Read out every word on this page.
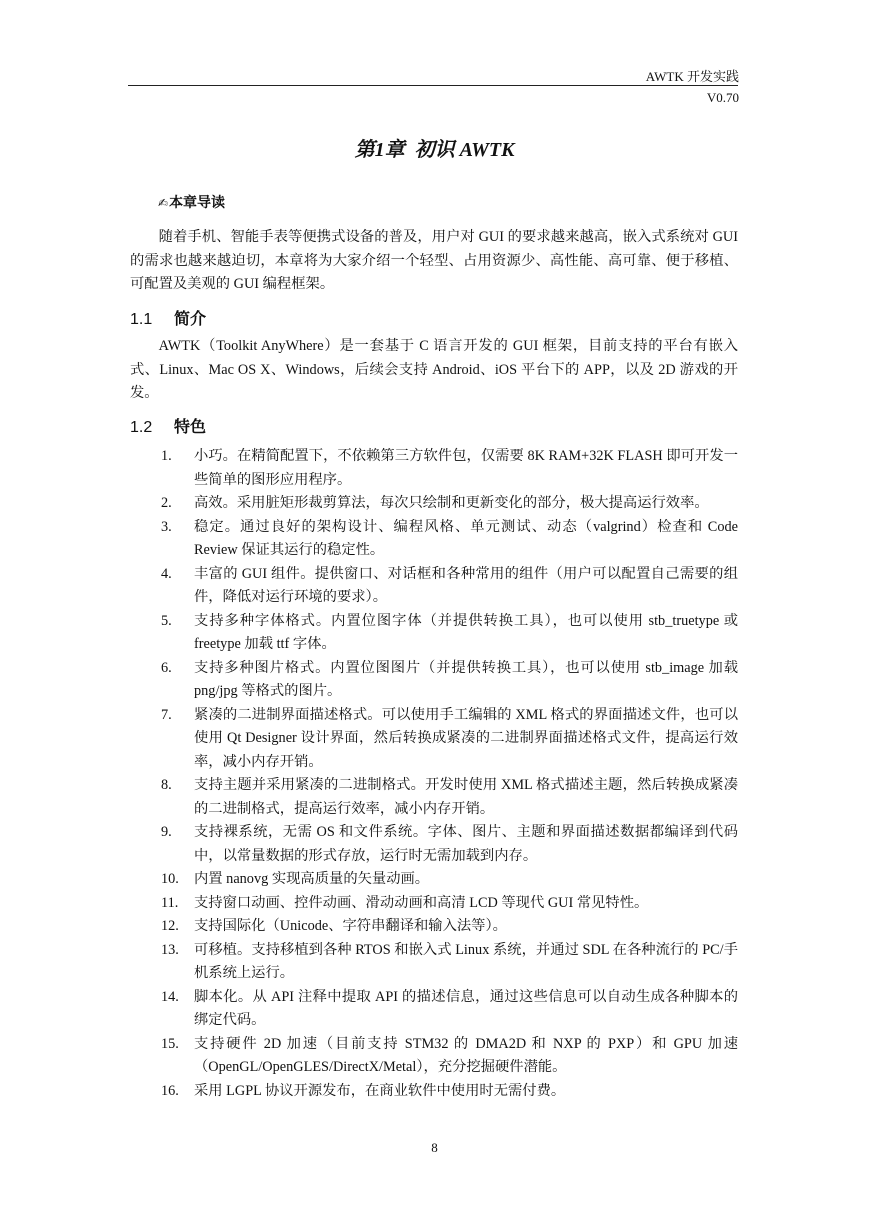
AWTK 开发实践
V0.70
第1章 初识 AWTK
✍本章导读

随着手机、智能手表等便携式设备的普及，用户对 GUI 的要求越来越高，嵌入式系统对 GUI 的需求也越来越迫切，本章将为大家介绍一个轻型、占用资源少、高性能、高可靠、便于移植、可配置及美观的 GUI 编程框架。

1.1 简介

AWTK（Toolkit AnyWhere）是一套基于 C 语言开发的 GUI 框架，目前支持的平台有嵌入式、Linux、Mac OS X、Windows，后续会支持 Android、iOS 平台下的 APP，以及 2D 游戏的开发。

1.2 特色
1. 小巧。在精简配置下，不依赖第三方软件包，仅需要 8K RAM+32K FLASH 即可开发一些简单的图形应用程序。
2. 高效。采用脏矩形裁剪算法，每次只绘制和更新变化的部分，极大提高运行效率。
3. 稳定。通过良好的架构设计、编程风格、单元测试、动态（valgrind）检查和 Code Review 保证其运行的稳定性。
4. 丰富的 GUI 组件。提供窗口、对话框和各种常用的组件（用户可以配置自己需要的组件，降低对运行环境的要求）。
5. 支持多种字体格式。内置位图字体（并提供转换工具），也可以使用 stb_truetype 或 freetype 加载 ttf 字体。
6. 支持多种图片格式。内置位图图片（并提供转换工具），也可以使用 stb_image 加载 png/jpg 等格式的图片。
7. 紧凑的二进制界面描述格式。可以使用手工编辑的 XML 格式的界面描述文件，也可以使用 Qt Designer 设计界面，然后转换成紧凑的二进制界面描述格式文件，提高运行效率，减小内存开销。
8. 支持主题并采用紧凑的二进制格式。开发时使用 XML 格式描述主题，然后转换成紧凑的二进制格式，提高运行效率，减小内存开销。
9. 支持裸系统，无需 OS 和文件系统。字体、图片、主题和界面描述数据都编译到代码中，以常量数据的形式存放，运行时无需加载到内存。
10. 内置 nanovg 实现高质量的矢量动画。
11. 支持窗口动画、控件动画、滑动动画和高清 LCD 等现代 GUI 常见特性。
12. 支持国际化（Unicode、字符串翻译和输入法等）。
13. 可移植。支持移植到各种 RTOS 和嵌入式 Linux 系统，并通过 SDL 在各种流行的 PC/手机系统上运行。
14. 脚本化。从 API 注释中提取 API 的描述信息，通过这些信息可以自动生成各种脚本的绑定代码。
15. 支持硬件 2D 加速（目前支持 STM32 的 DMA2D 和 NXP 的 PXP）和 GPU 加速（OpenGL/OpenGLES/DirectX/Metal），充分挖掘硬件潜能。
16. 采用 LGPL 协议开源发布，在商业软件中使用时无需付费。
8
